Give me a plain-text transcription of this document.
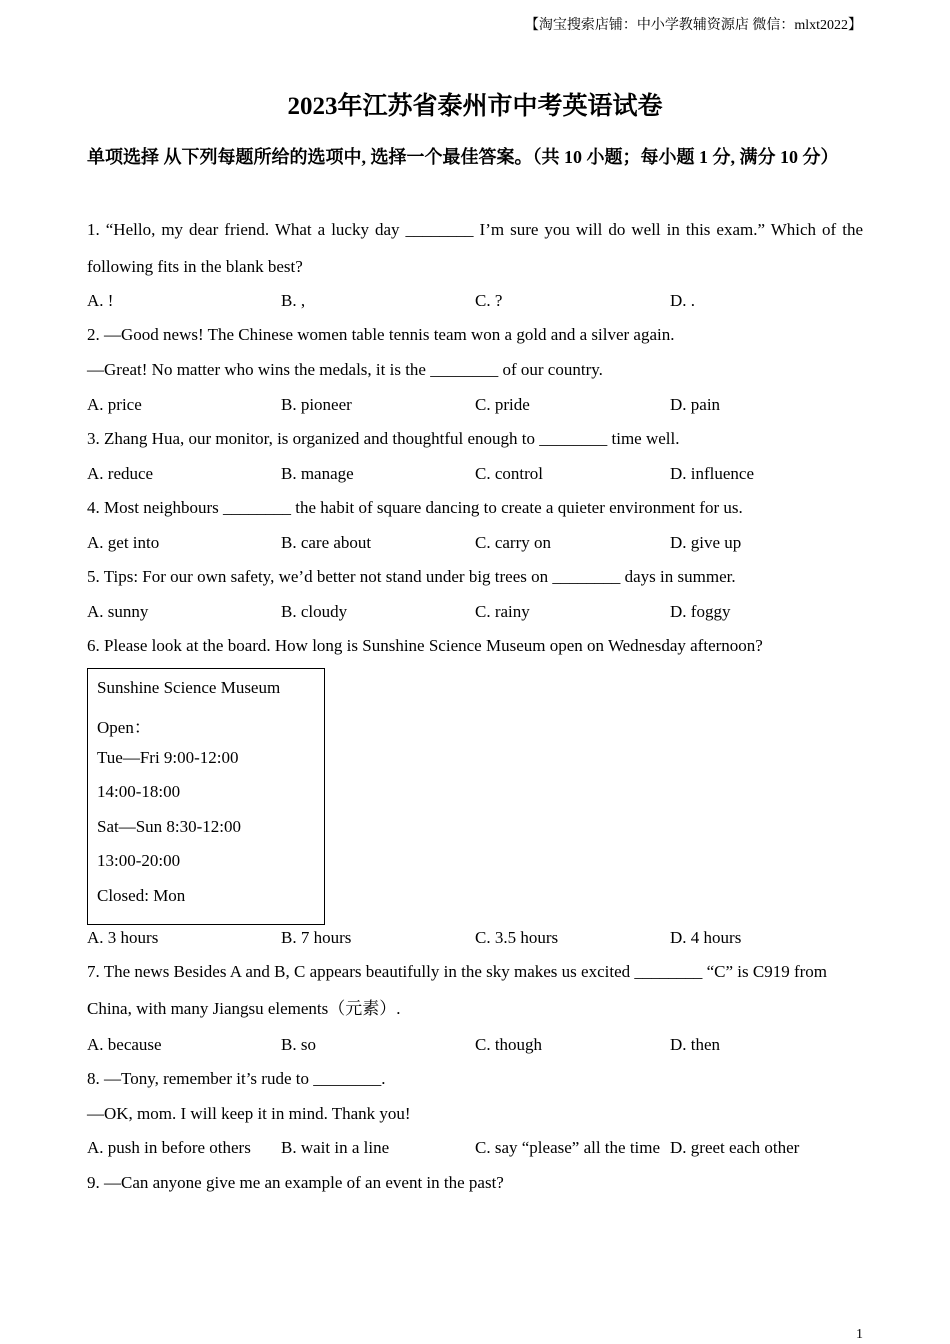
【淘宝搜索店铺：中小学教辅资源店 微信：mlxt2022】
2023年江苏省泰州市中考英语试卷
单项选择 从下列每题所给的选项中, 选择一个最佳答案。（共 10 小题；每小题 1 分, 满分 10 分）
1. “Hello, my dear friend. What a lucky day ________ I’m sure you will do well in this exam.” Which of the following fits in the blank best?
A. !	B. ,	C. ?	D. .
2. —Good news! The Chinese women table tennis team won a gold and a silver again.
—Great! No matter who wins the medals, it is the ________ of our country.
A. price	B. pioneer	C. pride	D. pain
3. Zhang Hua, our monitor, is organized and thoughtful enough to ________ time well.
A. reduce	B. manage	C. control	D. influence
4. Most neighbours ________ the habit of square dancing to create a quieter environment for us.
A. get into	B. care about	C. carry on	D. give up
5. Tips: For our own safety, we’d better not stand under big trees on ________ days in summer.
A. sunny	B. cloudy	C. rainy	D. foggy
6. Please look at the board. How long is Sunshine Science Museum open on Wednesday afternoon?
Sunshine Science Museum
Open：
Tue—Fri 9:00-12:00
14:00-18:00
Sat—Sun 8:30-12:00
13:00-20:00
Closed: Mon
A. 3 hours	B. 7 hours	C. 3.5 hours	D. 4 hours
7. The news Besides A and B, C appears beautifully in the sky makes us excited ________ “C” is C919 from
China, with many Jiangsu elements（元素）.
A. because	B. so	C. though	D. then
8. —Tony, remember it’s rude to ________.
—OK, mom. I will keep it in mind. Thank you!
A. push in before others B. wait in a line	C. say “please” all the time D. greet each other
9. —Can anyone give me an example of an event in the past?
1
